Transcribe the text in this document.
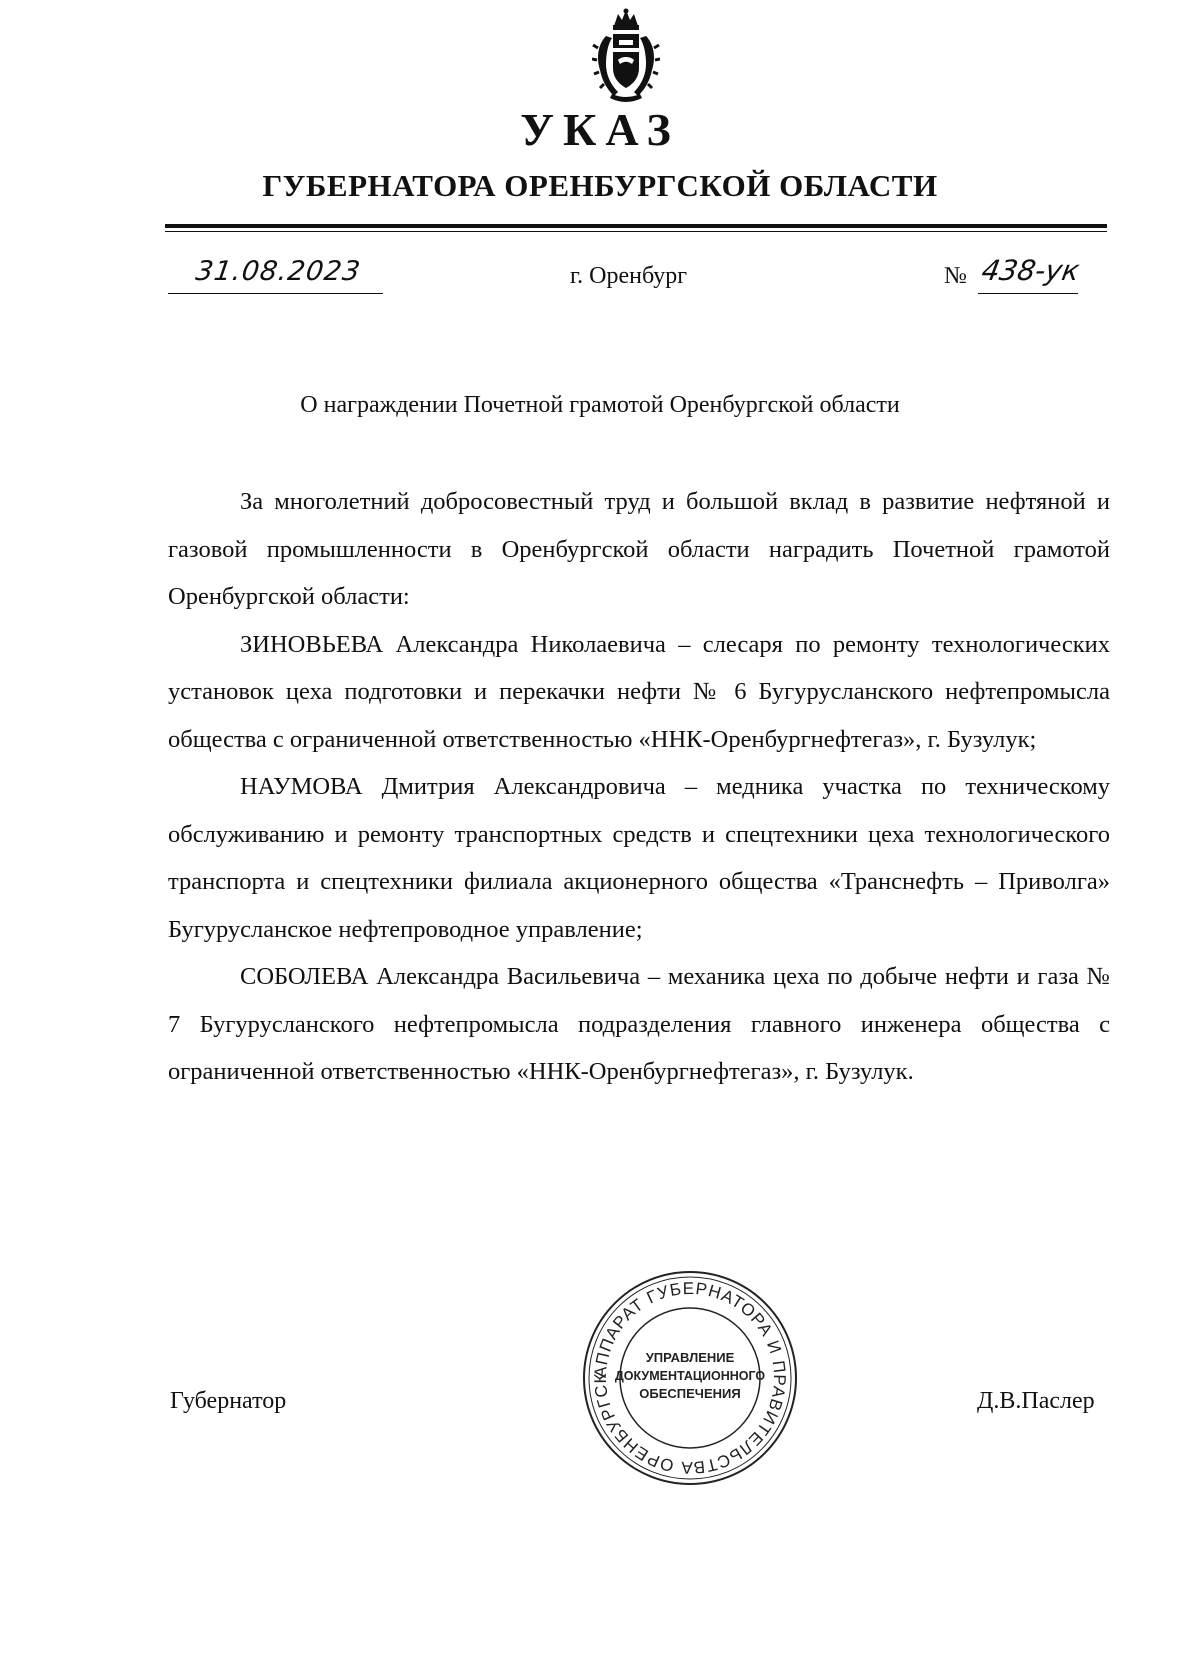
УКАЗ
ГУБЕРНАТОРА ОРЕНБУРГСКОЙ ОБЛАСТИ
31.08.2023	г. Оренбург	№ 438-ук
О награждении Почетной грамотой Оренбургской области

За многолетний добросовестный труд и большой вклад в развитие нефтяной и газовой промышленности в Оренбургской области наградить Почетной грамотой Оренбургской области:

ЗИНОВЬЕВА Александра Николаевича – слесаря по ремонту технологических установок цеха подготовки и перекачки нефти № 6 Бугурусланского нефтепромысла общества с ограниченной ответственностью «ННК-Оренбургнефтегаз», г. Бузулук;

НАУМОВА Дмитрия Александровича – медника участка по техническому обслуживанию и ремонту транспортных средств и спецтехники цеха технологического транспорта и спецтехники филиала акционерного общества «Транснефть – Приволга» Бугурусланское нефтепроводное управление;

СОБОЛЕВА Александра Васильевича – механика цеха по добыче нефти и газа № 7 Бугурусланского нефтепромысла подразделения главного инженера общества с ограниченной ответственностью «ННК-Оренбургнефтегаз», г. Бузулук.

Губернатор	Д.В.Паслер
АППАРАТ ГУБЕРНАТОРА И ПРАВИТЕЛЬСТВА ОРЕНБУРГСК
УПРАВЛЕНИЕ
ДОКУМЕНТАЦИОННОГО
ОБЕСПЕЧЕНИЯ
